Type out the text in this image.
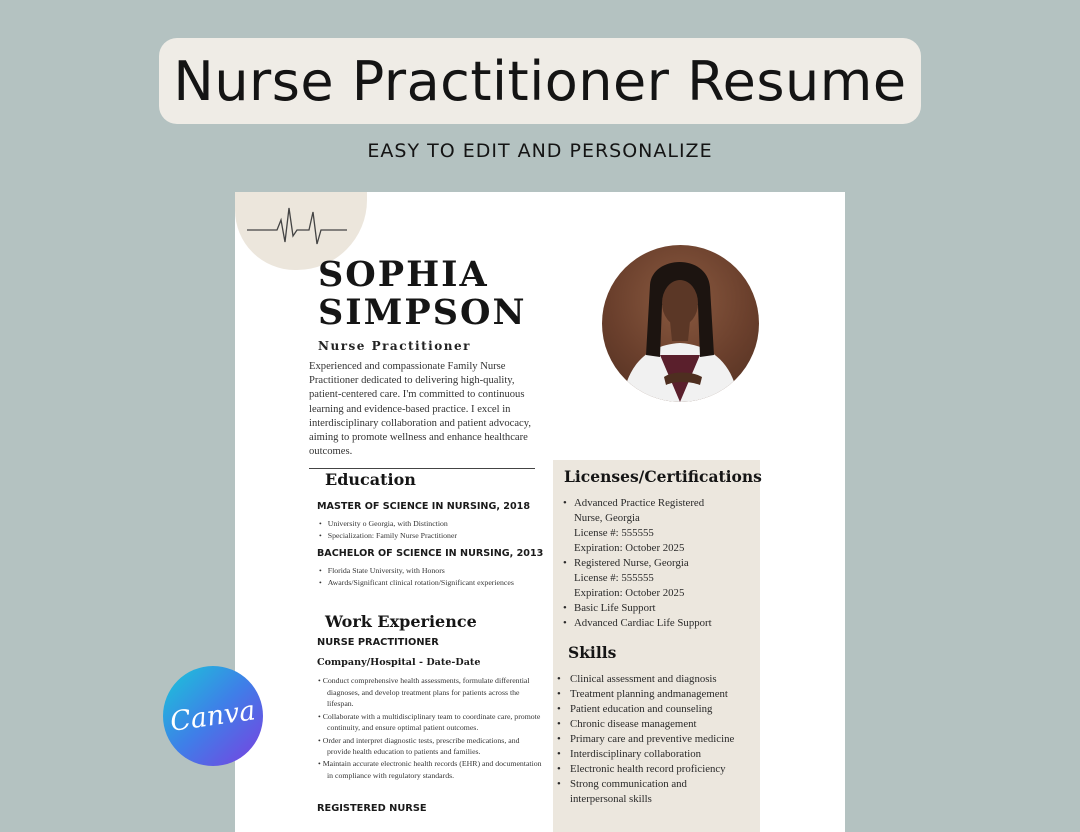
Nurse Practitioner Resume
EASY TO EDIT AND PERSONALIZE
SOPHIA
SIMPSON
Nurse Practitioner
Experienced and compassionate Family Nurse Practitioner dedicated to delivering high-quality, patient-centered care. I'm committed to continuous learning and evidence-based practice. I excel in interdisciplinary collaboration and patient advocacy, aiming to promote wellness and enhance healthcare outcomes.
Education
MASTER OF SCIENCE IN NURSING, 2018
• University o Georgia, with Distinction
• Specialization: Family Nurse Practitioner
BACHELOR OF SCIENCE IN NURSING, 2013
• Florida State University, with Honors
• Awards/Significant clinical rotation/Significant experiences
Work Experience
NURSE PRACTITIONER
Company/Hospital - Date-Date
• Conduct comprehensive health assessments, formulate differential diagnoses, and develop treatment plans for patients across the lifespan.
• Collaborate with a multidisciplinary team to coordinate care, promote continuity, and ensure optimal patient outcomes.
• Order and interpret diagnostic tests, prescribe medications, and provide health education to patients and families.
• Maintain accurate electronic health records (EHR) and documentation in compliance with regulatory standards.
REGISTERED NURSE
Licenses/Certifications
• Advanced Practice Registered
Nurse, Georgia
License #: 555555
Expiration: October 2025
• Registered Nurse, Georgia
License #: 555555
Expiration: October 2025
• Basic Life Support
• Advanced Cardiac Life Support
Skills
• Clinical assessment and diagnosis
• Treatment planning andmanagement
• Patient education and counseling
• Chronic disease management
• Primary care and preventive medicine
• Interdisciplinary collaboration
• Electronic health record proficiency
• Strong communication and
interpersonal skills
Canva
